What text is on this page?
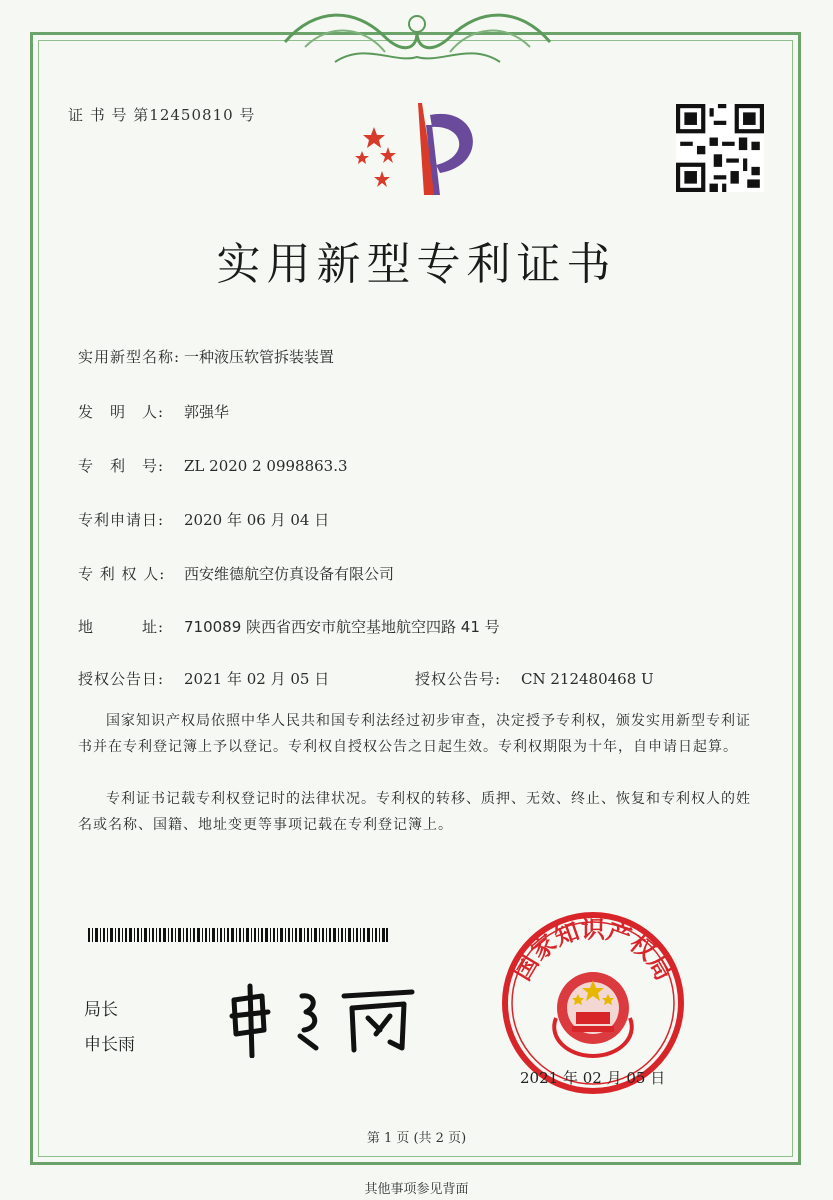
证 书 号 第12450810 号
实用新型专利证书
实用新型名称: 一种液压软管拆装装置
发　明　人: 郭强华
专　利　号: ZL 2020 2 0998863.3
专利申请日: 2020 年 06 月 04 日
专 利 权 人: 西安维德航空仿真设备有限公司
地　　　址: 710089 陕西省西安市航空基地航空四路 41 号
授权公告日: 2021 年 02 月 05 日	授权公告号: CN 212480468 U
国家知识产权局依照中华人民共和国专利法经过初步审查，决定授予专利权，颁发实用新型专利证书并在专利登记簿上予以登记。专利权自授权公告之日起生效。专利权期限为十年，自申请日起算。
专利证书记载专利权登记时的法律状况。专利权的转移、质押、无效、终止、恢复和专利权人的姓名或名称、国籍、地址变更等事项记载在专利登记簿上。
局长
申长雨
国家知识产权局
2021 年 02 月 05 日
第 1 页 (共 2 页)
其他事项参见背面
